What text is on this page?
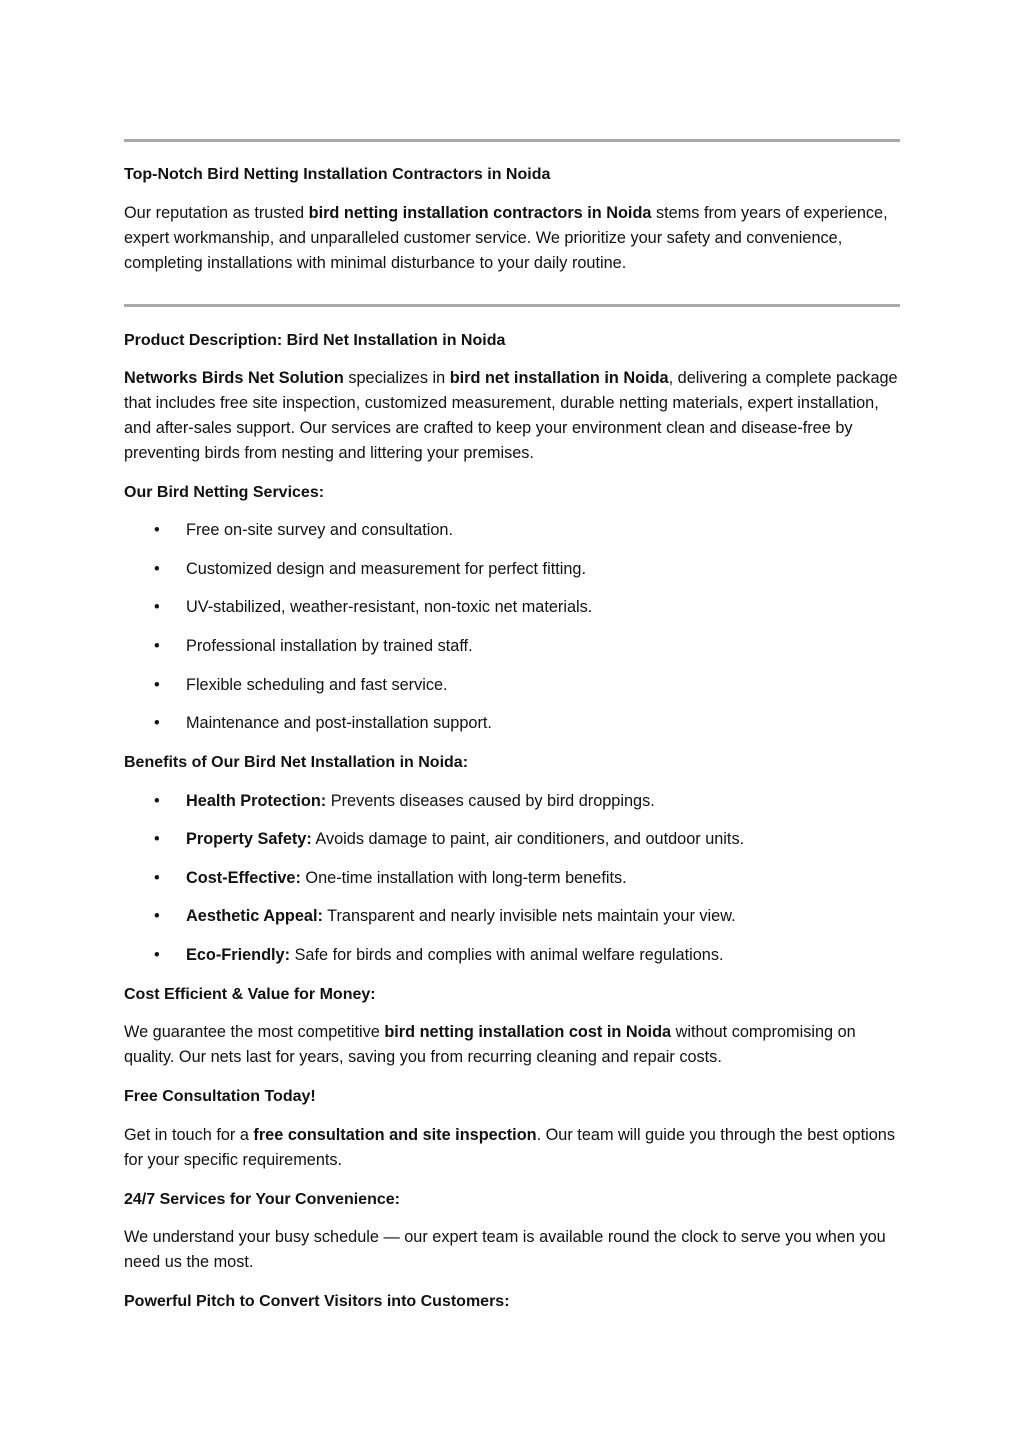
Top-Notch Bird Netting Installation Contractors in Noida
Our reputation as trusted bird netting installation contractors in Noida stems from years of experience, expert workmanship, and unparalleled customer service. We prioritize your safety and convenience, completing installations with minimal disturbance to your daily routine.
Product Description: Bird Net Installation in Noida
Networks Birds Net Solution specializes in bird net installation in Noida, delivering a complete package that includes free site inspection, customized measurement, durable netting materials, expert installation, and after-sales support. Our services are crafted to keep your environment clean and disease-free by preventing birds from nesting and littering your premises.
Our Bird Netting Services:
• Free on-site survey and consultation.
• Customized design and measurement for perfect fitting.
• UV-stabilized, weather-resistant, non-toxic net materials.
• Professional installation by trained staff.
• Flexible scheduling and fast service.
• Maintenance and post-installation support.
Benefits of Our Bird Net Installation in Noida:
• Health Protection: Prevents diseases caused by bird droppings.
• Property Safety: Avoids damage to paint, air conditioners, and outdoor units.
• Cost-Effective: One-time installation with long-term benefits.
• Aesthetic Appeal: Transparent and nearly invisible nets maintain your view.
• Eco-Friendly: Safe for birds and complies with animal welfare regulations.
Cost Efficient & Value for Money:
We guarantee the most competitive bird netting installation cost in Noida without compromising on quality. Our nets last for years, saving you from recurring cleaning and repair costs.
Free Consultation Today!
Get in touch for a free consultation and site inspection. Our team will guide you through the best options for your specific requirements.
24/7 Services for Your Convenience:
We understand your busy schedule — our expert team is available round the clock to serve you when you need us the most.
Powerful Pitch to Convert Visitors into Customers:
